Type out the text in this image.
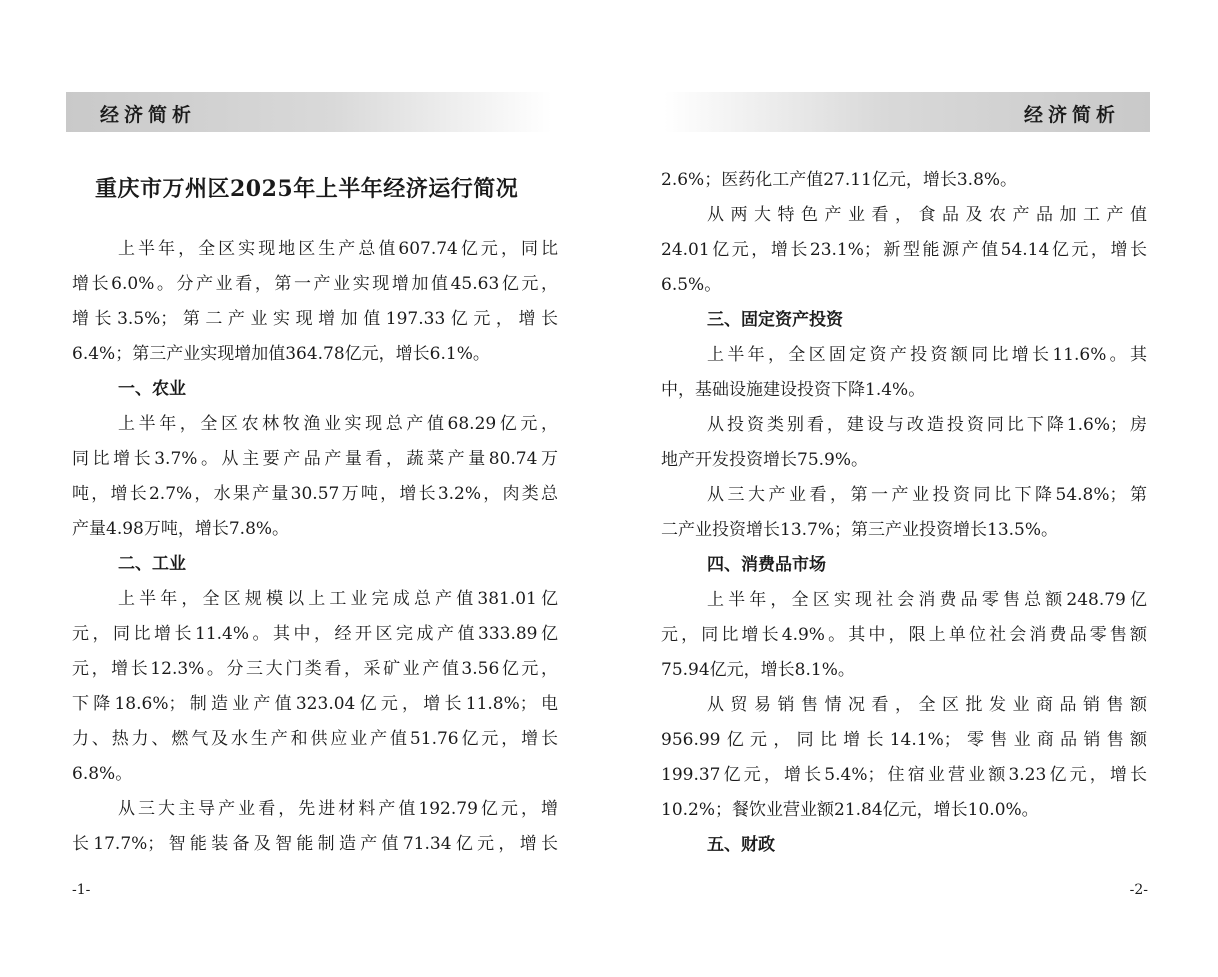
经济简析
重庆市万州区2025年上半年经济运行简况
上半年，全区实现地区生产总值607.74亿元，同比
增长6.0%。分产业看，第一产业实现增加值45.63亿元，
增长3.5%；第二产业实现增加值197.33亿元，增长
6.4%；第三产业实现增加值364.78亿元，增长6.1%。
一、农业
上半年，全区农林牧渔业实现总产值68.29亿元，
同比增长3.7%。从主要产品产量看，蔬菜产量80.74万
吨，增长2.7%，水果产量30.57万吨，增长3.2%，肉类总
产量4.98万吨，增长7.8%。
二、工业
上半年，全区规模以上工业完成总产值381.01亿
元，同比增长11.4%。其中，经开区完成产值333.89亿
元，增长12.3%。分三大门类看，采矿业产值3.56亿元，
下降18.6%；制造业产值323.04亿元，增长11.8%；电
力、热力、燃气及水生产和供应业产值51.76亿元，增长
6.8%。
从三大主导产业看，先进材料产值192.79亿元，增
长17.7%；智能装备及智能制造产值71.34亿元，增长
-1-
经济简析
2.6%；医药化工产值27.11亿元，增长3.8%。
从两大特色产业看，食品及农产品加工产值
24.01亿元，增长23.1%；新型能源产值54.14亿元，增长
6.5%。
三、固定资产投资
上半年，全区固定资产投资额同比增长11.6%。其
中，基础设施建设投资下降1.4%。
从投资类别看，建设与改造投资同比下降1.6%；房
地产开发投资增长75.9%。
从三大产业看，第一产业投资同比下降54.8%；第
二产业投资增长13.7%；第三产业投资增长13.5%。
四、消费品市场
上半年，全区实现社会消费品零售总额248.79亿
元，同比增长4.9%。其中，限上单位社会消费品零售额
75.94亿元，增长8.1%。
从贸易销售情况看，全区批发业商品销售额
956.99亿元，同比增长14.1%；零售业商品销售额
199.37亿元，增长5.4%；住宿业营业额3.23亿元，增长
10.2%；餐饮业营业额21.84亿元，增长10.0%。
五、财政
-2-
